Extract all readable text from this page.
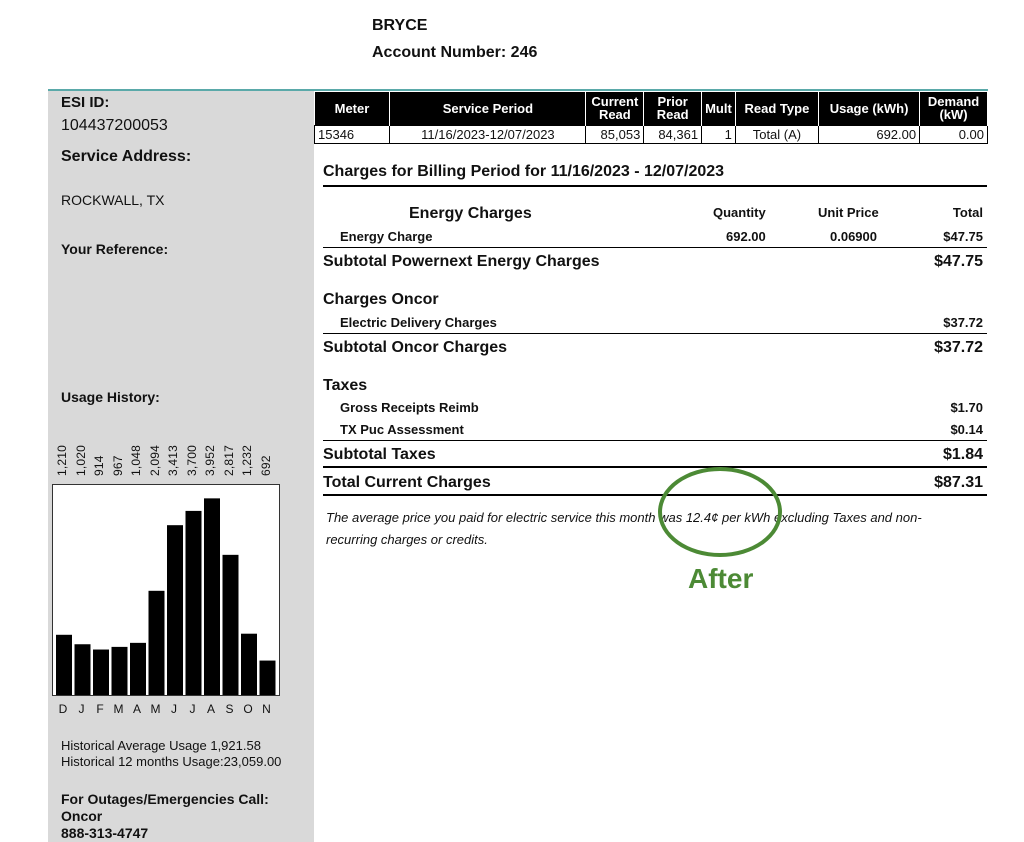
BRYCE
Account Number: 246
ESI ID:
104437200053
Service Address:
ROCKWALL, TX
Your Reference:
Usage History:
Historical Average Usage 1,921.58
Historical 12 months Usage:23,059.00
For Outages/Emergencies Call:
Oncor
888-313-4747
1,210 1,020 914 967 1,048 2,094 3,413 3,700 3,952 2,817 1,232 692
D J F M A M J	J A S O N
Meter	Service Period	Current Read	Prior Read	Mult	Read Type	Usage (kWh)	Demand (kW)
15346	11/16/2023-12/07/2023	85,053	84,361	1	Total (A)	692.00	0.00
Charges for Billing Period for 11/16/2023 - 12/07/2023
Energy Charges	Quantity	Unit Price	Total
Energy Charge	692.00	0.06900	$47.75
Subtotal Powernext Energy Charges	$47.75
Charges Oncor
Electric Delivery Charges	$37.72
Subtotal Oncor Charges	$37.72
Taxes
Gross Receipts Reimb	$1.70
TX Puc Assessment	$0.14
Subtotal Taxes	$1.84
Total Current Charges	$87.31
The average price you paid for electric service this month was 12.4¢ per kWh excluding Taxes and non-recurring charges or credits.
After
